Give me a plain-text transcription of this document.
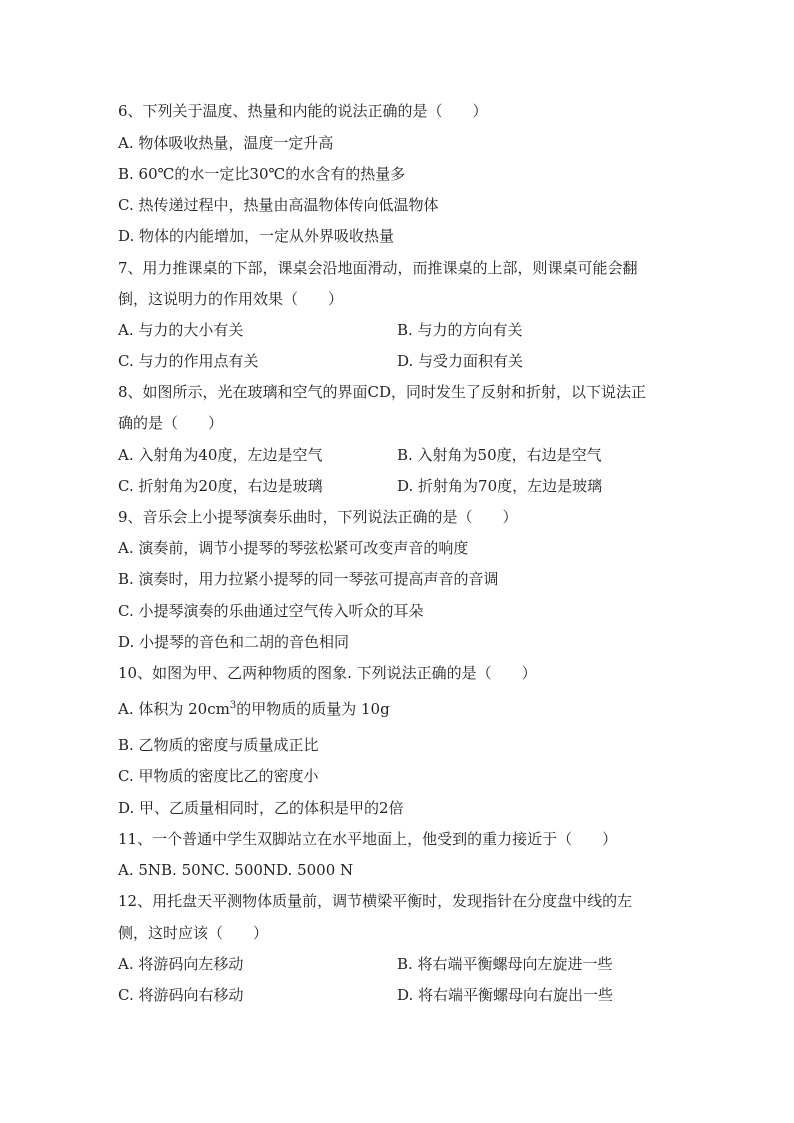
6、下列关于温度、热量和内能的说法正确的是（　　）
A. 物体吸收热量，温度一定升高
B. 60℃的水一定比30℃的水含有的热量多
C. 热传递过程中，热量由高温物体传向低温物体
D. 物体的内能增加，一定从外界吸收热量
7、用力推课桌的下部，课桌会沿地面滑动，而推课桌的上部，则课桌可能会翻
倒，这说明力的作用效果（　　）
A. 与力的大小有关	B. 与力的方向有关
C. 与力的作用点有关	D. 与受力面积有关
8、如图所示，光在玻璃和空气的界面CD，同时发生了反射和折射，以下说法正
确的是（　　）
A. 入射角为40度，左边是空气	B. 入射角为50度，右边是空气
C. 折射角为20度，右边是玻璃	D. 折射角为70度，左边是玻璃
9、音乐会上小提琴演奏乐曲时，下列说法正确的是（　　）
A. 演奏前，调节小提琴的琴弦松紧可改变声音的响度
B. 演奏时，用力拉紧小提琴的同一琴弦可提高声音的音调
C. 小提琴演奏的乐曲通过空气传入听众的耳朵
D. 小提琴的音色和二胡的音色相同
10、如图为甲、乙两种物质的图象. 下列说法正确的是（　　）
A. 体积为 $20cm^3$的甲物质的质量为 10g
B. 乙物质的密度与质量成正比
C. 甲物质的密度比乙的密度小
D. 甲、乙质量相同时，乙的体积是甲的2倍
11、一个普通中学生双脚站立在水平地面上，他受到的重力接近于（　　）
A. 5NB. 50NC. 500ND. 5000 N
12、用托盘天平测物体质量前，调节横梁平衡时，发现指针在分度盘中线的左
侧，这时应该（　　）
A. 将游码向左移动	B. 将右端平衡螺母向左旋进一些
C. 将游码向右移动	D. 将右端平衡螺母向右旋出一些
